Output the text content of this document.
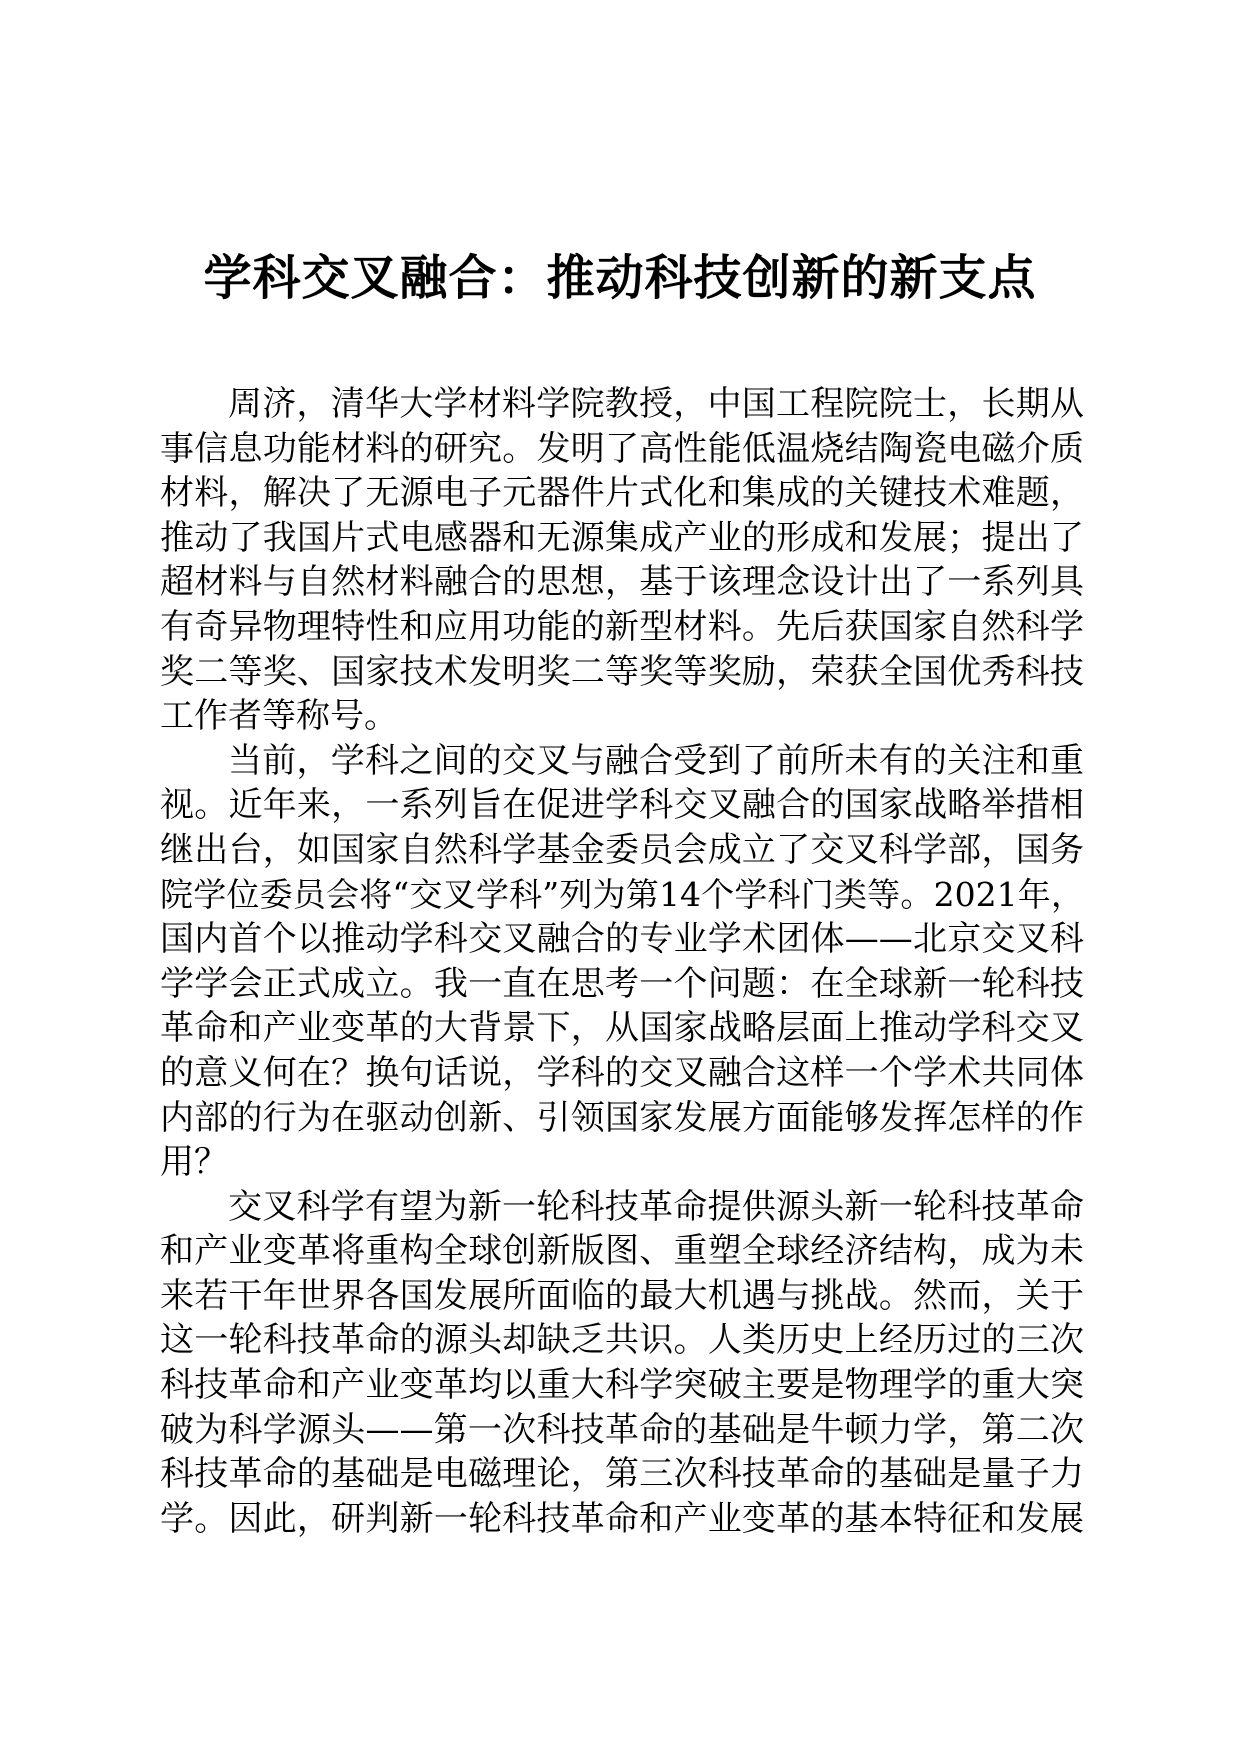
学科交叉融合：推动科技创新的新支点
周济，清华大学材料学院教授，中国工程院院士，长期从
事信息功能材料的研究。发明了高性能低温烧结陶瓷电磁介质
材料，解决了无源电子元器件片式化和集成的关键技术难题，
推动了我国片式电感器和无源集成产业的形成和发展；提出了
超材料与自然材料融合的思想，基于该理念设计出了一系列具
有奇异物理特性和应用功能的新型材料。先后获国家自然科学
奖二等奖、国家技术发明奖二等奖等奖励，荣获全国优秀科技
工作者等称号。
当前，学科之间的交叉与融合受到了前所未有的关注和重
视。近年来，一系列旨在促进学科交叉融合的国家战略举措相
继出台，如国家自然科学基金委员会成立了交叉科学部，国务
院学位委员会将“交叉学科”列为第14个学科门类等。2021年，
国内首个以推动学科交叉融合的专业学术团体——北京交叉科
学学会正式成立。我一直在思考一个问题：在全球新一轮科技
革命和产业变革的大背景下，从国家战略层面上推动学科交叉
的意义何在？换句话说，学科的交叉融合这样一个学术共同体
内部的行为在驱动创新、引领国家发展方面能够发挥怎样的作
用？
交叉科学有望为新一轮科技革命提供源头新一轮科技革命
和产业变革将重构全球创新版图、重塑全球经济结构，成为未
来若干年世界各国发展所面临的最大机遇与挑战。然而，关于
这一轮科技革命的源头却缺乏共识。人类历史上经历过的三次
科技革命和产业变革均以重大科学突破主要是物理学的重大突
破为科学源头——第一次科技革命的基础是牛顿力学，第二次
科技革命的基础是电磁理论，第三次科技革命的基础是量子力
学。因此，研判新一轮科技革命和产业变革的基本特征和发展
